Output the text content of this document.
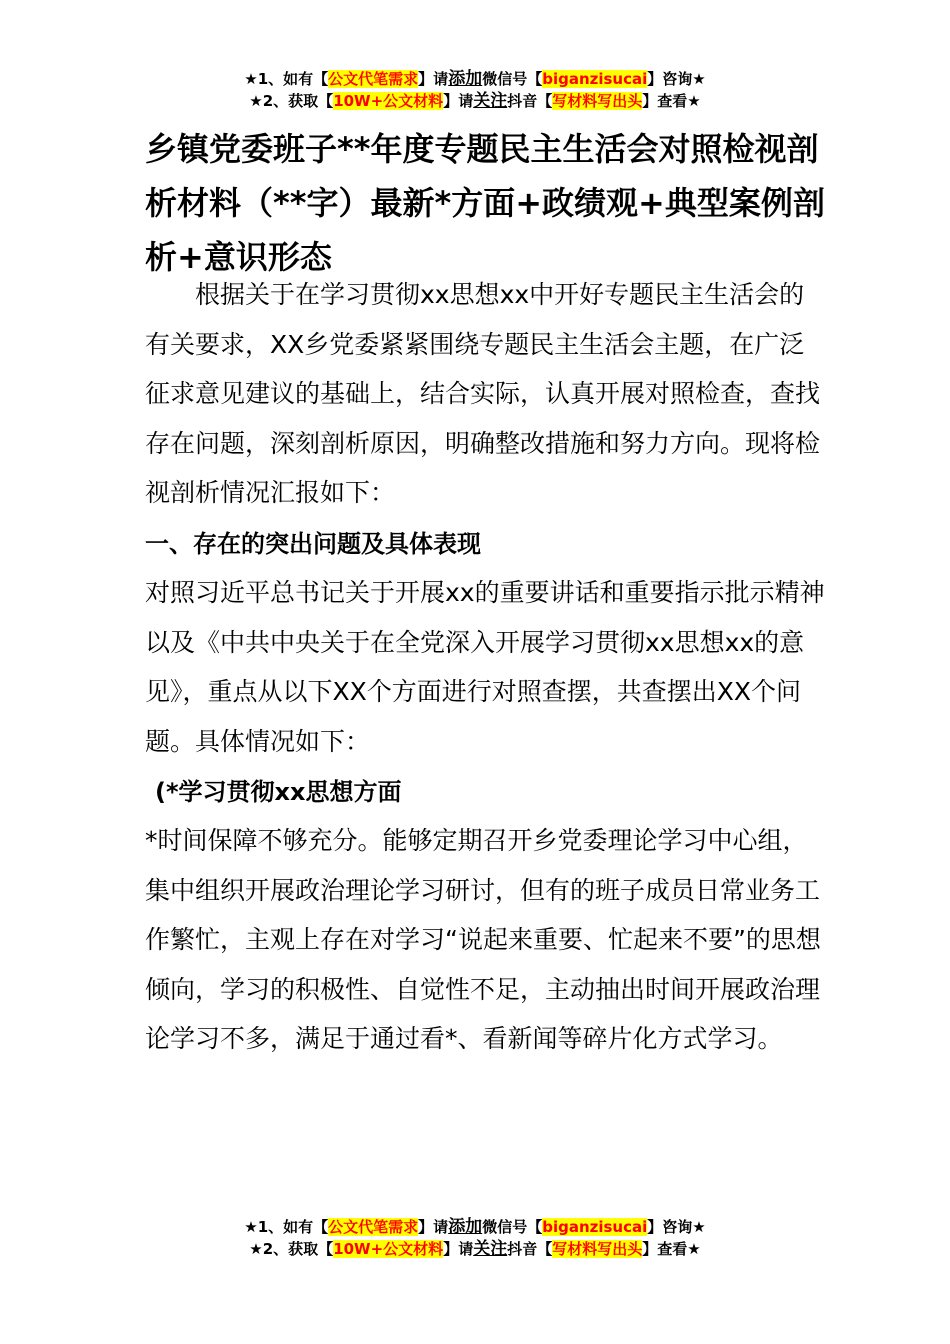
★1、如有【公文代笔需求】请添加微信号【biganzisucai】咨询★
★2、获取【10W+公文材料】请关注抖音【写材料写出头】查看★
乡镇党委班子**年度专题民主生活会对照检视剖析材料（**字）最新*方面+政绩观+典型案例剖析+意识形态

根据关于在学习贯彻xx思想xx中开好专题民主生活会的有关要求，XX乡党委紧紧围绕专题民主生活会主题，在广泛征求意见建议的基础上，结合实际，认真开展对照检查，查找存在问题，深刻剖析原因，明确整改措施和努力方向。现将检视剖析情况汇报如下：

一、存在的突出问题及具体表现

对照习近平总书记关于开展xx的重要讲话和重要指示批示精神以及《中共中央关于在全党深入开展学习贯彻xx思想xx的意见》，重点从以下XX个方面进行对照查摆，共查摆出XX个问题。具体情况如下：

(*学习贯彻xx思想方面

*时间保障不够充分。能够定期召开乡党委理论学习中心组，集中组织开展政治理论学习研讨，但有的班子成员日常业务工作繁忙，主观上存在对学习“说起来重要、忙起来不要”的思想倾向，学习的积极性、自觉性不足，主动抽出时间开展政治理论学习不多，满足于通过看*、看新闻等碎片化方式学习。

★1、如有【公文代笔需求】请添加微信号【biganzisucai】咨询★
★2、获取【10W+公文材料】请关注抖音【写材料写出头】查看★
